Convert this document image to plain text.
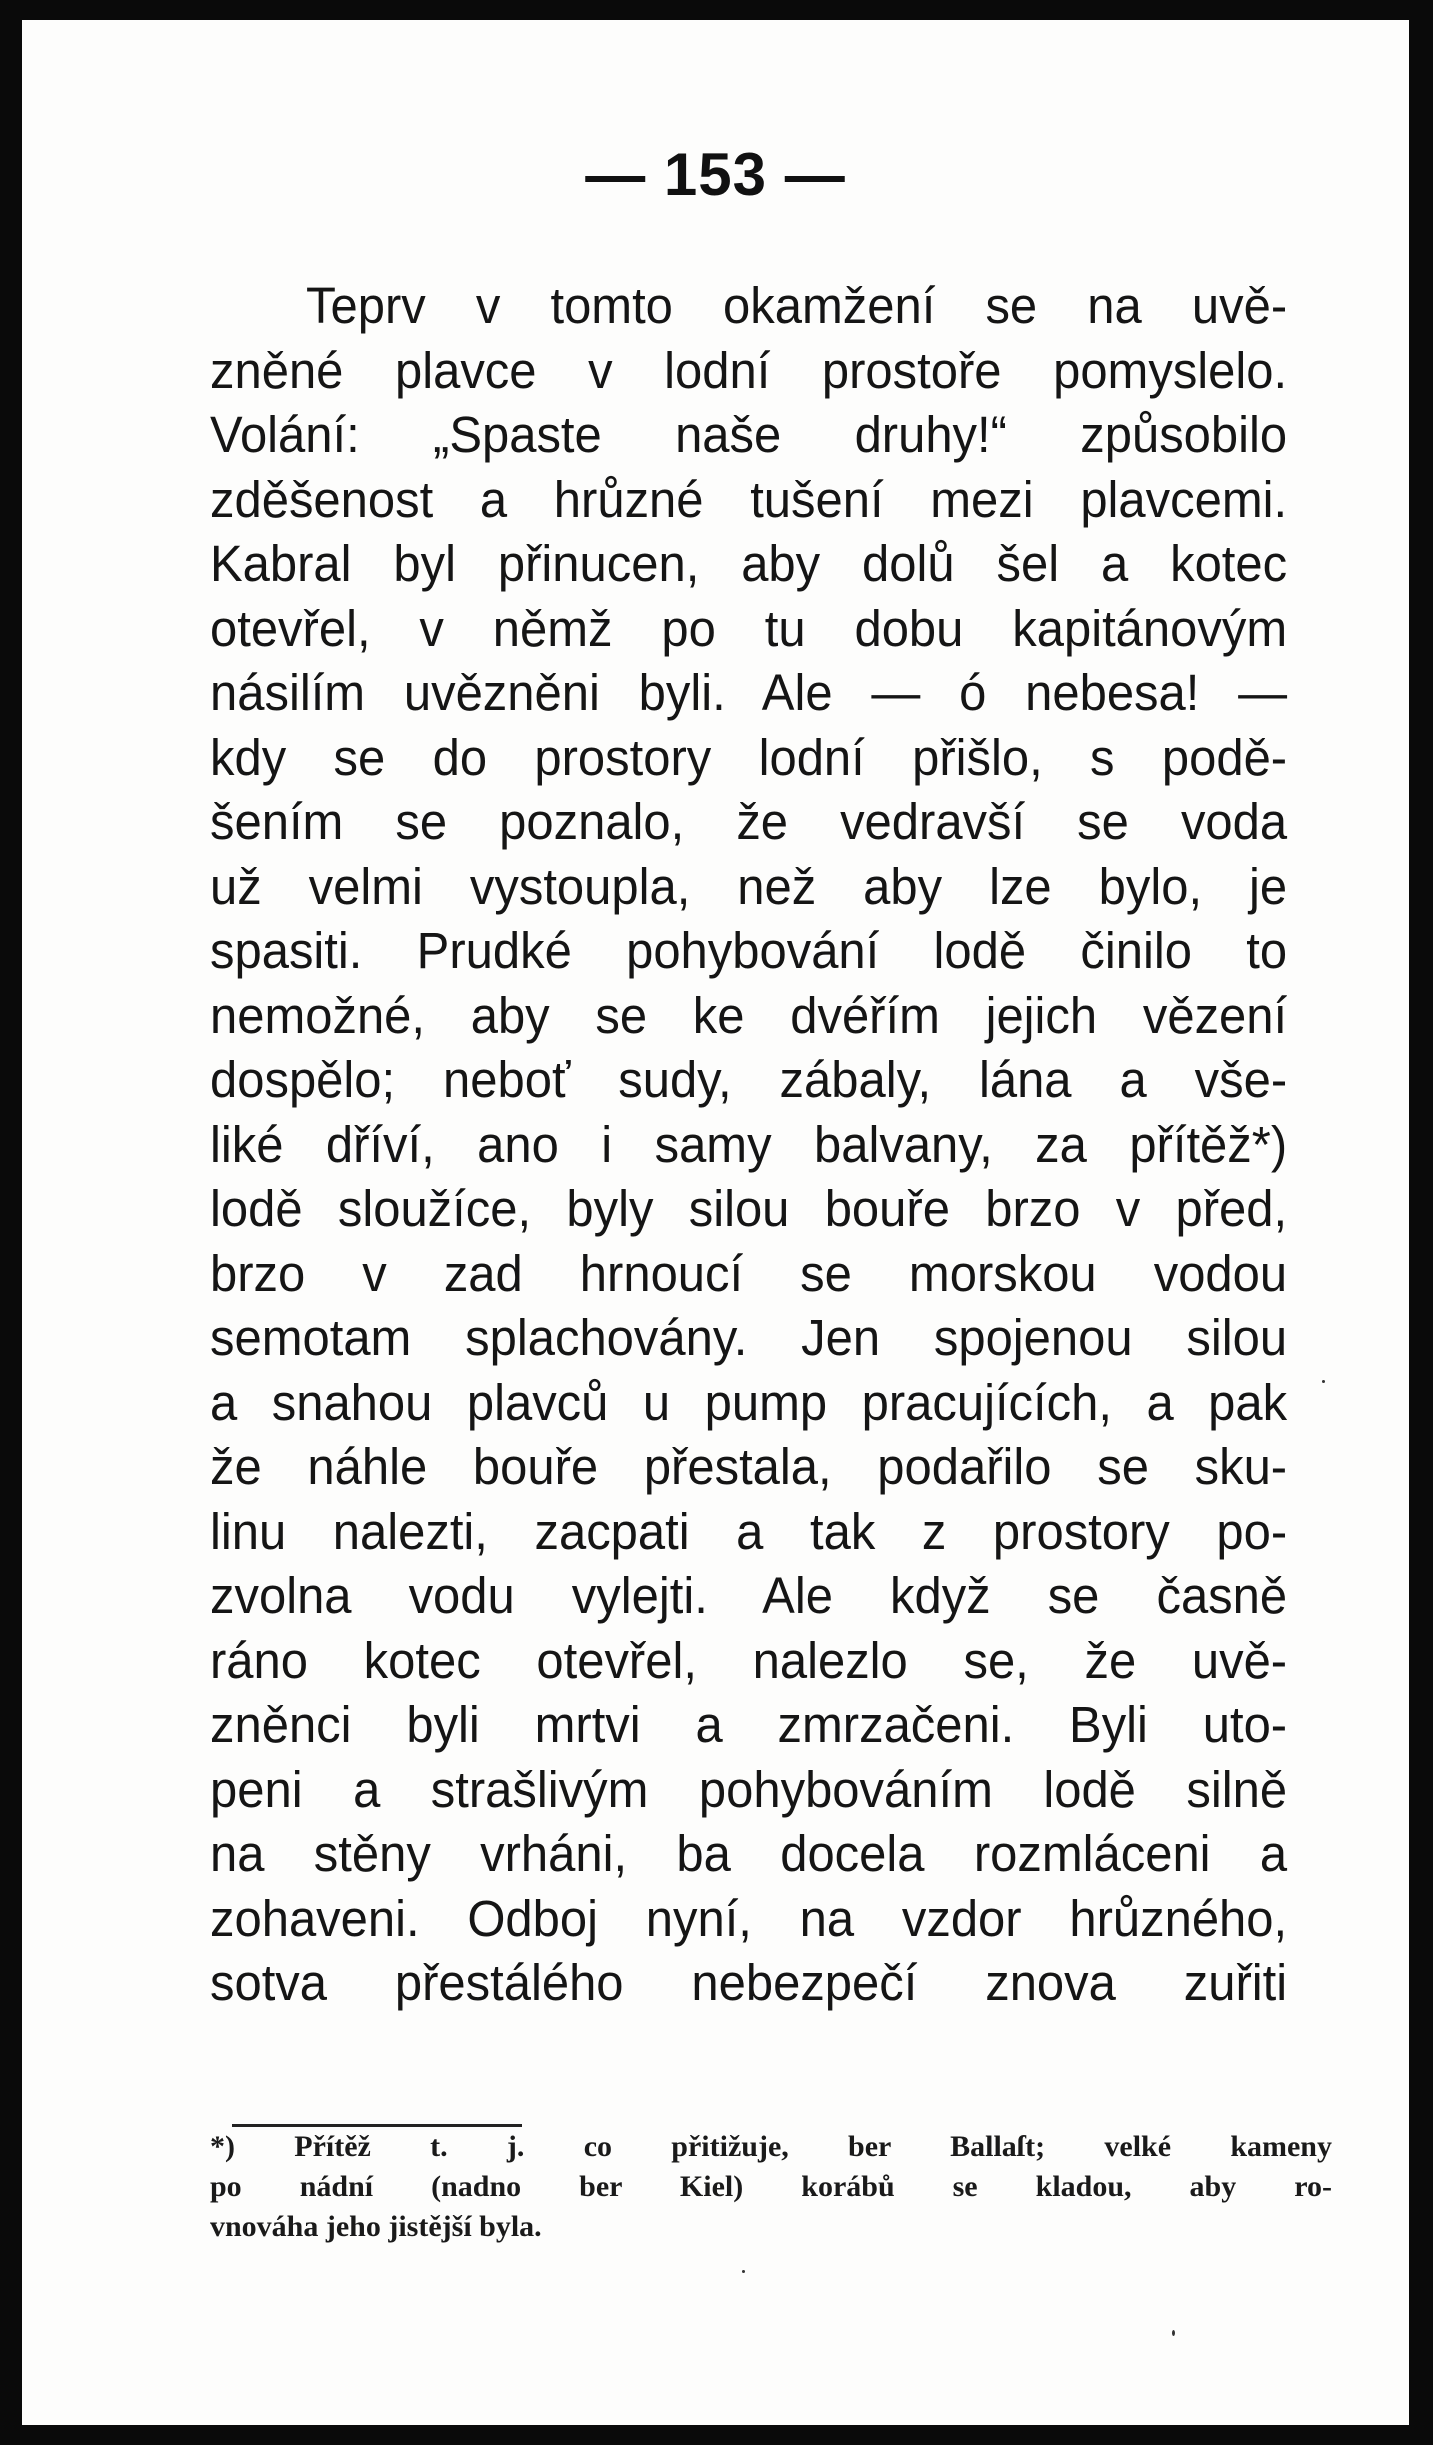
— 153 —
Teprv v tomto okamžení se na uvě-
zněné plavce v lodní prostoře pomyslelo.
Volání: „Spaste naše druhy!“ způsobilo
zděšenost a hrůzné tušení mezi plavcemi.
Kabral byl přinucen, aby dolů šel a kotec
otevřel, v němž po tu dobu kapitánovým
násilím uvězněni byli. Ale — ó nebesa! —
kdy se do prostory lodní přišlo, s podě-
šením se poznalo, že vedravší se voda
už velmi vystoupla, než aby lze bylo, je
spasiti. Prudké pohybování lodě činilo to
nemožné, aby se ke dvéřím jejich vězení
dospělo; neboť sudy, zábaly, lána a vše-
liké dříví, ano i samy balvany, za přítěž*)
lodě sloužíce, byly silou bouře brzo v před,
brzo v zad hrnoucí se morskou vodou
semotam splachovány. Jen spojenou silou
a snahou plavců u pump pracujících, a pak
že náhle bouře přestala, podařilo se sku-
linu nalezti, zacpati a tak z prostory po-
zvolna vodu vylejti. Ale když se časně
ráno kotec otevřel, nalezlo se, že uvě-
zněnci byli mrtvi a zmrzačeni. Byli uto-
peni a strašlivým pohybováním lodě silně
na stěny vrháni, ba docela rozmláceni a
zohaveni. Odboj nyní, na vzdor hrůzného,
sotva přestálého nebezpečí znova zuřiti
*) Přítěž t. j. co přitižuje, ber Ballaſt; velké kameny
po nádní (nadno ber Kiel) korábů se kladou, aby ro-
vnováha jeho jistější byla.
